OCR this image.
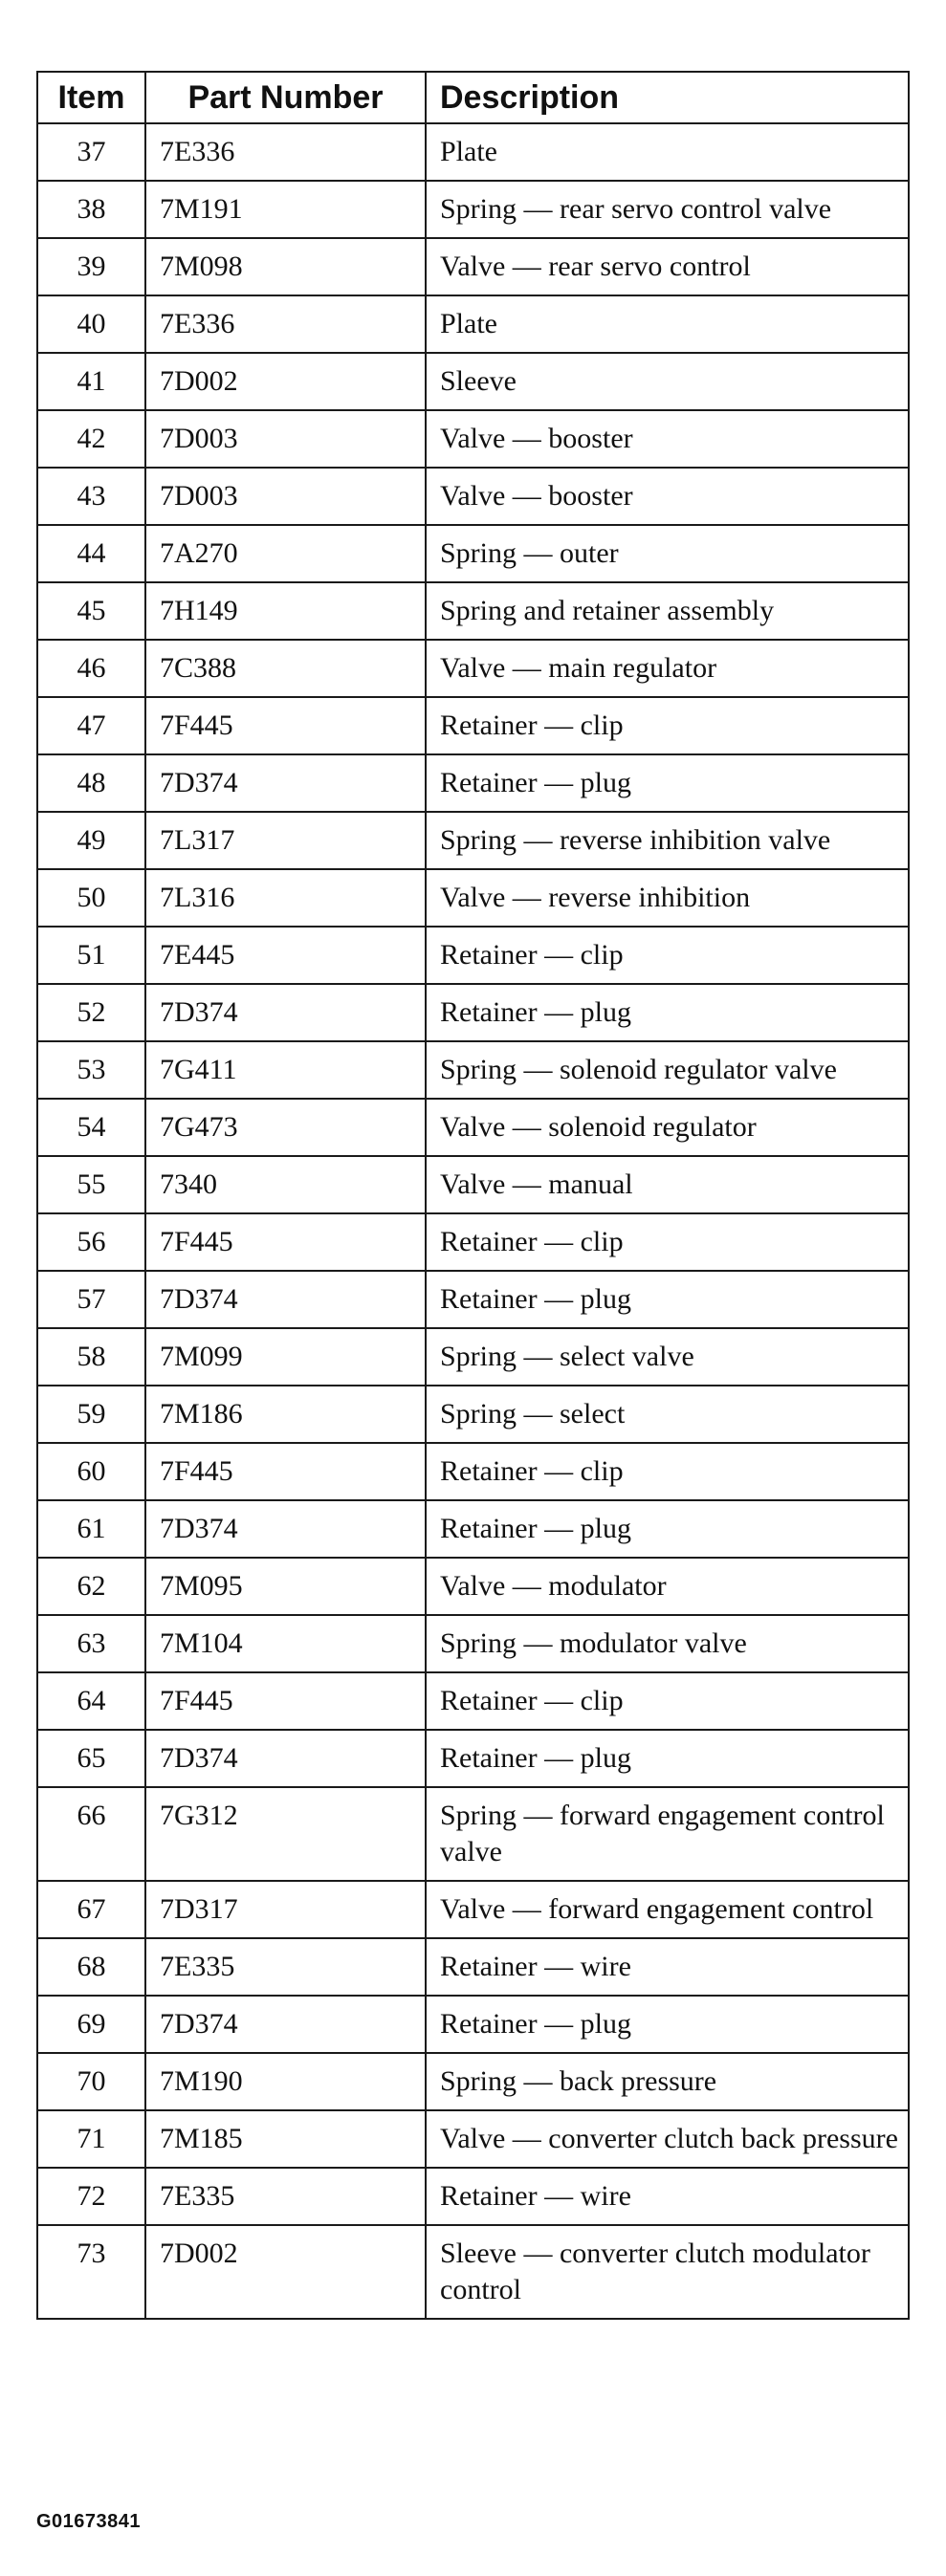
Item	Part Number	Description
37	7E336	Plate
38	7M191	Spring — rear servo control valve
39	7M098	Valve — rear servo control
40	7E336	Plate
41	7D002	Sleeve
42	7D003	Valve — booster
43	7D003	Valve — booster
44	7A270	Spring — outer
45	7H149	Spring and retainer assembly
46	7C388	Valve — main regulator
47	7F445	Retainer — clip
48	7D374	Retainer — plug
49	7L317	Spring — reverse inhibition valve
50	7L316	Valve — reverse inhibition
51	7E445	Retainer — clip
52	7D374	Retainer — plug
53	7G411	Spring — solenoid regulator valve
54	7G473	Valve — solenoid regulator
55	7340	Valve — manual
56	7F445	Retainer — clip
57	7D374	Retainer — plug
58	7M099	Spring — select valve
59	7M186	Spring — select
60	7F445	Retainer — clip
61	7D374	Retainer — plug
62	7M095	Valve — modulator
63	7M104	Spring — modulator valve
64	7F445	Retainer — clip
65	7D374	Retainer — plug
66	7G312	Spring — forward engagement control valve
67	7D317	Valve — forward engagement control
68	7E335	Retainer — wire
69	7D374	Retainer — plug
70	7M190	Spring — back pressure
71	7M185	Valve — converter clutch back pressure
72	7E335	Retainer — wire
73	7D002	Sleeve — converter clutch modulator control
G01673841
